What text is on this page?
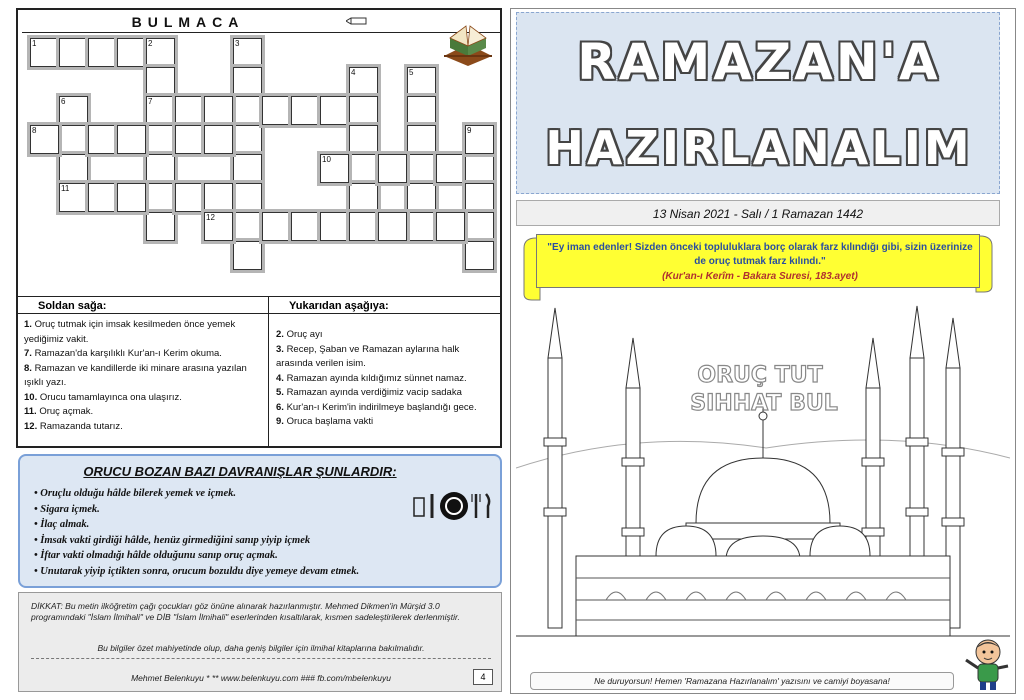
BULMACA
1	2	3
4	5
6	7
8	9
10
11
12
Soldan sağa:	Yukarıdan aşağıya:
1. Oruç tutmak için imsak kesilmeden önce yemek yediğimiz vakit.
7. Ramazan'da karşılıklı Kur'an-ı Kerim okuma.
8. Ramazan ve kandillerde iki minare arasına yazılan ışıklı yazı.
10. Orucu tamamlayınca ona ulaşırız.
11. Oruç açmak.
12. Ramazanda tutarız.
2. Oruç ayı
3. Recep, Şaban ve Ramazan aylarına halk arasında verilen isim.
4. Ramazan ayında kıldığımız sünnet namaz.
5. Ramazan ayında verdiğimiz vacip sadaka
6. Kur'an-ı Kerim'in indirilmeye başlandığı gece.
9. Oruca başlama vakti
ORUCU BOZAN BAZI DAVRANIŞLAR ŞUNLARDIR:
• Oruçlu olduğu hâlde bilerek yemek ve içmek.
• Sigara içmek.
• İlaç almak.
• İmsak vakti girdiği hâlde, henüz girmediğini sanıp yiyip içmek
• İftar vakti olmadığı hâlde olduğunu sanıp oruç açmak.
• Unutarak yiyip içtikten sonra, orucum bozuldu diye yemeye devam etmek.

DİKKAT: Bu metin ilköğretim çağı çocukları göz önüne alınarak hazırlanmıştır. Mehmed Dikmen'in Mürşid 3.0 programındaki "İslam İlmihali" ve DİB "İslam İlmihali" eserlerinden kısaltılarak, kısmen sadeleştirilerek derlenmiştir.

Bu bilgiler özet mahiyetinde olup, daha geniş bilgiler için ilmihal kitaplarına bakılmalıdır.

Mehmet Belenkuyu * ** www.belenkuyu.com ### fb.com/mbelenkuyu	4
RAMAZAN'A
HAZIRLANALIM
13 Nisan 2021 - Salı / 1 Ramazan 1442
"Ey iman edenler! Sizden önceki topluluklara borç olarak farz kılındığı gibi, sizin üzerinize de oruç tutmak farz kılındı."
(Kur'an-ı Kerîm - Bakara Suresi, 183.ayet)
ORUÇ TUT
SIHHAT BUL
Ne duruyorsun! Hemen 'Ramazana Hazırlanalım' yazısını ve camiyi boyasana!
